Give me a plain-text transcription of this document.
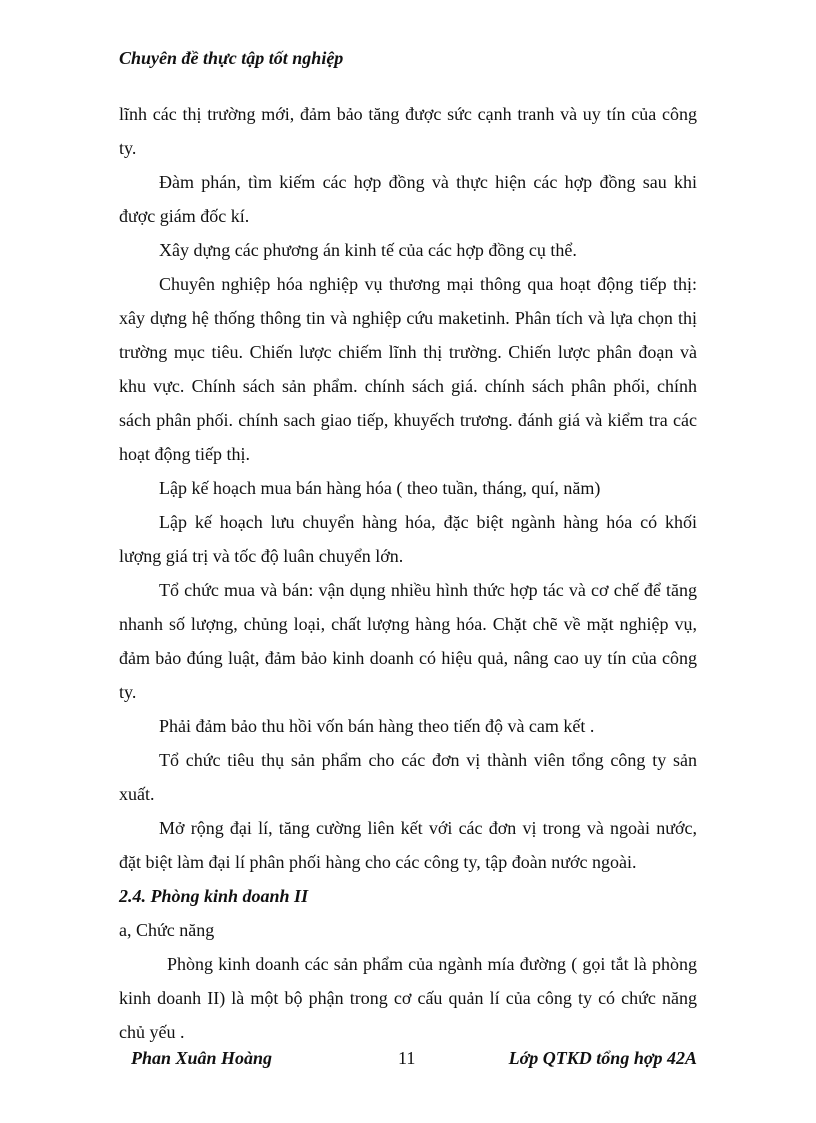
Chuyên đề thực tập tốt nghiệp

lĩnh các thị trường mới, đảm bảo tăng được sức cạnh tranh và uy tín của công ty.

Đàm phán, tìm kiếm các hợp đồng và thực hiện các hợp đồng sau khi được giám đốc kí.

Xây dựng các phương án kinh tế của các hợp đồng cụ thể.

Chuyên nghiệp hóa nghiệp vụ thương mại thông qua hoạt động tiếp thị: xây dựng hệ thống thông tin và nghiệp cứu maketinh. Phân tích và lựa chọn thị trường mục tiêu. Chiến lược chiếm lĩnh thị trường. Chiến lược phân đoạn và khu vực. Chính sách sản phẩm. chính sách giá. chính sách phân phối, chính sách phân phối. chính sach giao tiếp, khuyếch trương. đánh giá và kiểm tra các hoạt động tiếp thị.

Lập kế hoạch mua bán hàng hóa ( theo tuần, tháng, quí, năm)

Lập kế hoạch lưu chuyển hàng hóa, đặc biệt ngành hàng hóa có khối lượng giá trị và tốc độ luân chuyển lớn.

Tổ chức mua và bán: vận dụng nhiều hình thức hợp tác và cơ chế để tăng nhanh số lượng, chủng loại, chất lượng hàng hóa. Chặt chẽ về mặt nghiệp vụ, đảm bảo đúng luật, đảm bảo kinh doanh có hiệu quả, nâng cao uy tín của công ty.

Phải đảm bảo thu hồi vốn bán hàng theo tiến độ và cam kết .

Tổ chức tiêu thụ sản phẩm cho các đơn vị thành viên tổng công ty sản xuất.

Mở rộng đại lí, tăng cường liên kết với các đơn vị trong và ngoài nước, đặt biệt làm đại lí phân phối hàng cho các công ty, tập đoàn nước ngoài.

2.4. Phòng kinh doanh II

a, Chức năng

Phòng kinh doanh các sản phẩm của ngành mía đường ( gọi tắt là phòng kinh doanh II) là một bộ phận trong cơ cấu quản lí của công ty có chức năng chủ yếu .

Phan Xuân Hoàng	11	Lớp QTKD tổng hợp 42A
